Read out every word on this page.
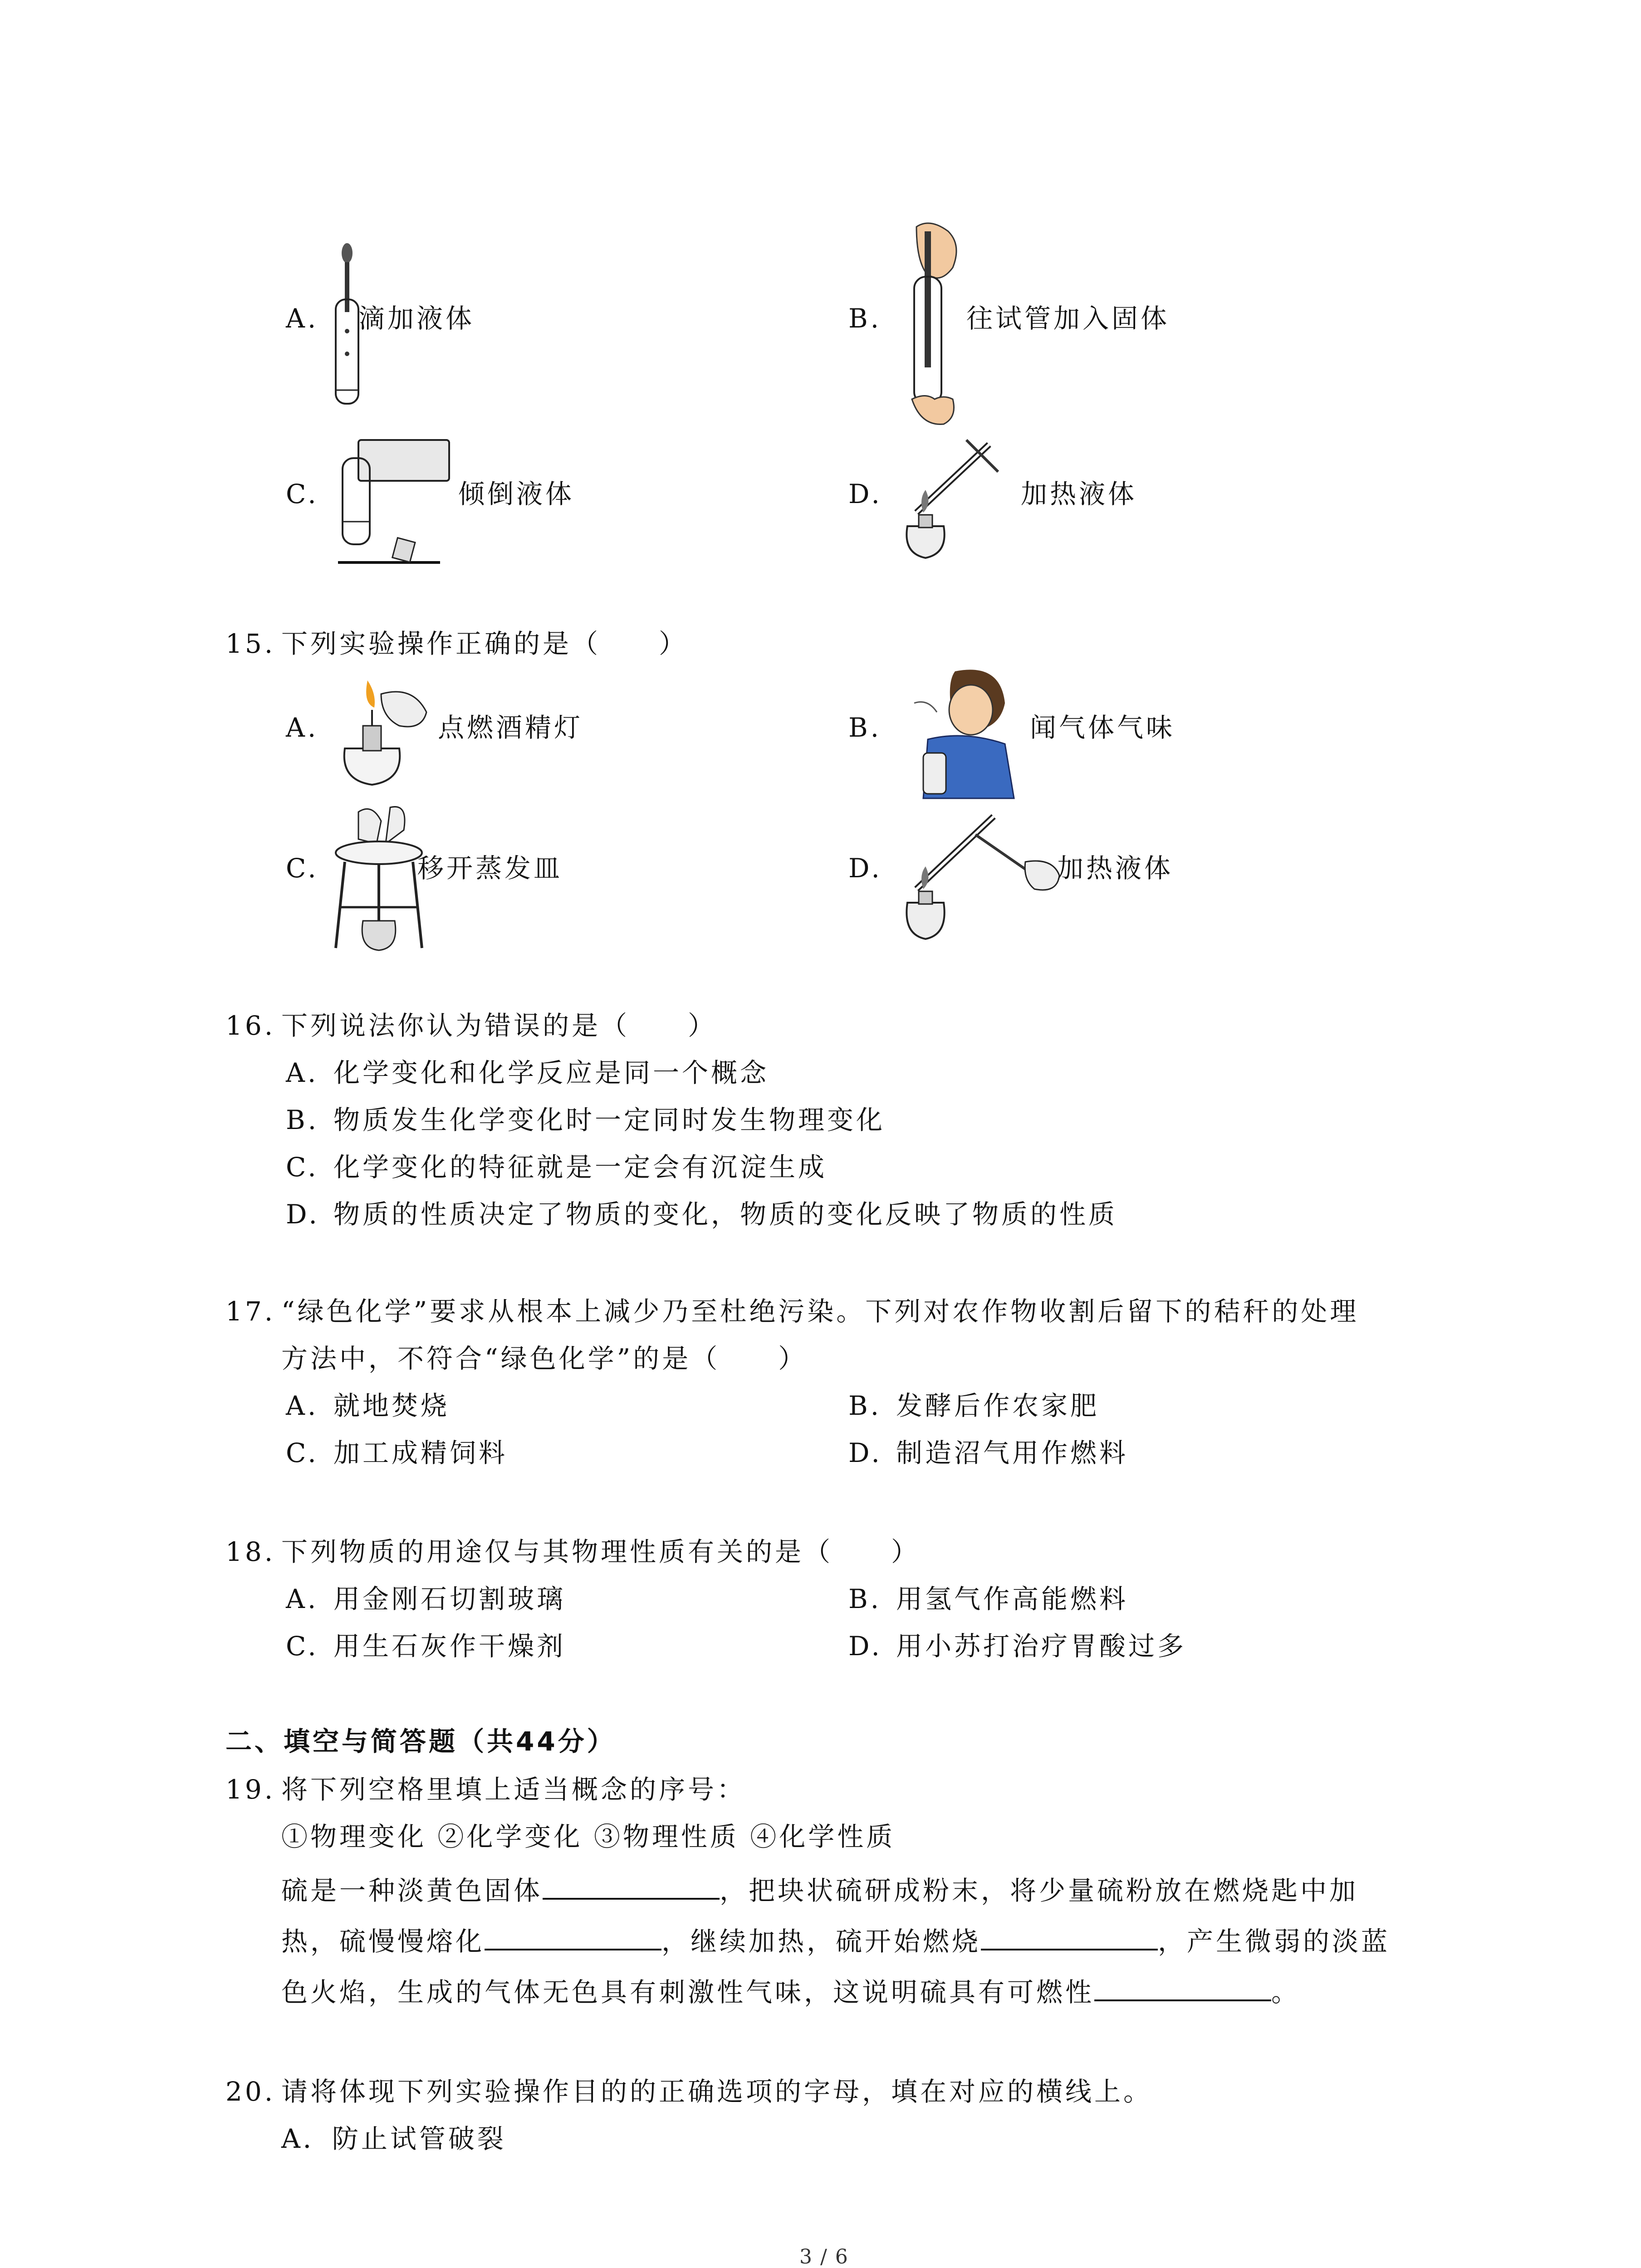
A. 滴加液体	B.	往试管加入固体
C.	倾倒液体	D.	加热液体
15. 下列实验操作正确的是（　　）
A.	点燃酒精灯	B.	闻气体气味
C.	移开蒸发皿	D.	加热液体
16. 下列说法你认为错误的是（　　）
A. 化学变化和化学反应是同一个概念
B. 物质发生化学变化时一定同时发生物理变化
C. 化学变化的特征就是一定会有沉淀生成
D. 物质的性质决定了物质的变化，物质的变化反映了物质的性质
17. “绿色化学”要求从根本上减少乃至杜绝污染。下列对农作物收割后留下的秸秆的处理
方法中，不符合“绿色化学”的是（　　）
A. 就地焚烧	B. 发酵后作农家肥
C. 加工成精饲料	D. 制造沼气用作燃料
18. 下列物质的用途仅与其物理性质有关的是（　　）
A. 用金刚石切割玻璃	B. 用氢气作高能燃料
C. 用生石灰作干燥剂	D. 用小苏打治疗胃酸过多
二、填空与简答题（共44分）
19. 将下列空格里填上适当概念的序号：
①物理变化 ②化学变化 ③物理性质 ④化学性质
硫是一种淡黄色固体	，把块状硫研成粉末，将少量硫粉放在燃烧匙中加
热，硫慢慢熔化	，继续加热，硫开始燃烧	，产生微弱的淡蓝
色火焰，生成的气体无色具有刺激性气味，这说明硫具有可燃性	。
20. 请将体现下列实验操作目的的正确选项的字母，填在对应的横线上。
A．防止试管破裂
3 / 6
